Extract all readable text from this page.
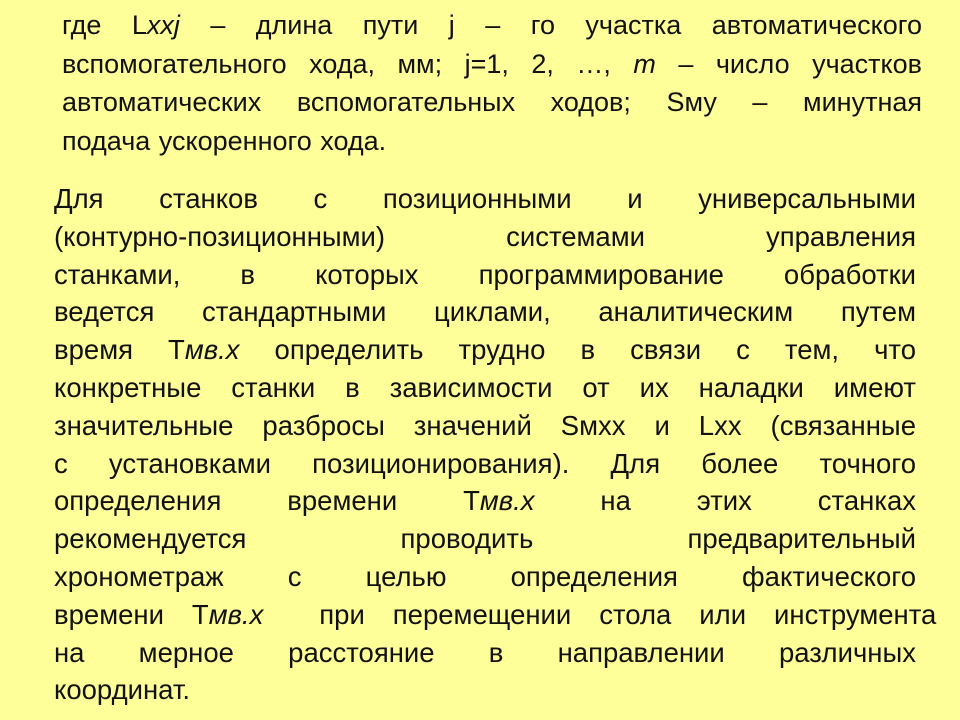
где Lxxj – длина пути j – го участка автоматического
вспомогательного хода, мм; j=1, 2, …, m – число участков
автоматических вспомогательных ходов; Sму – минутная
подача ускоренного хода.
Для станков с позиционными и универсальными
(контурно-позиционными) системами управления
станками, в которых программирование обработки
ведется стандартными циклами, аналитическим путем
время Tмв.х определить трудно в связи с тем, что
конкретные станки в зависимости от их наладки имеют
значительные разбросы значений Sмxx и Lхх (связанные
с установками позиционирования). Для более точного
определения времени Tмв.х на этих станках
рекомендуется проводить предварительный
хронометраж с целью определения фактического
времени Tмв.х  при перемещении стола или инструмента
на мерное расстояние в направлении различных
координат.
